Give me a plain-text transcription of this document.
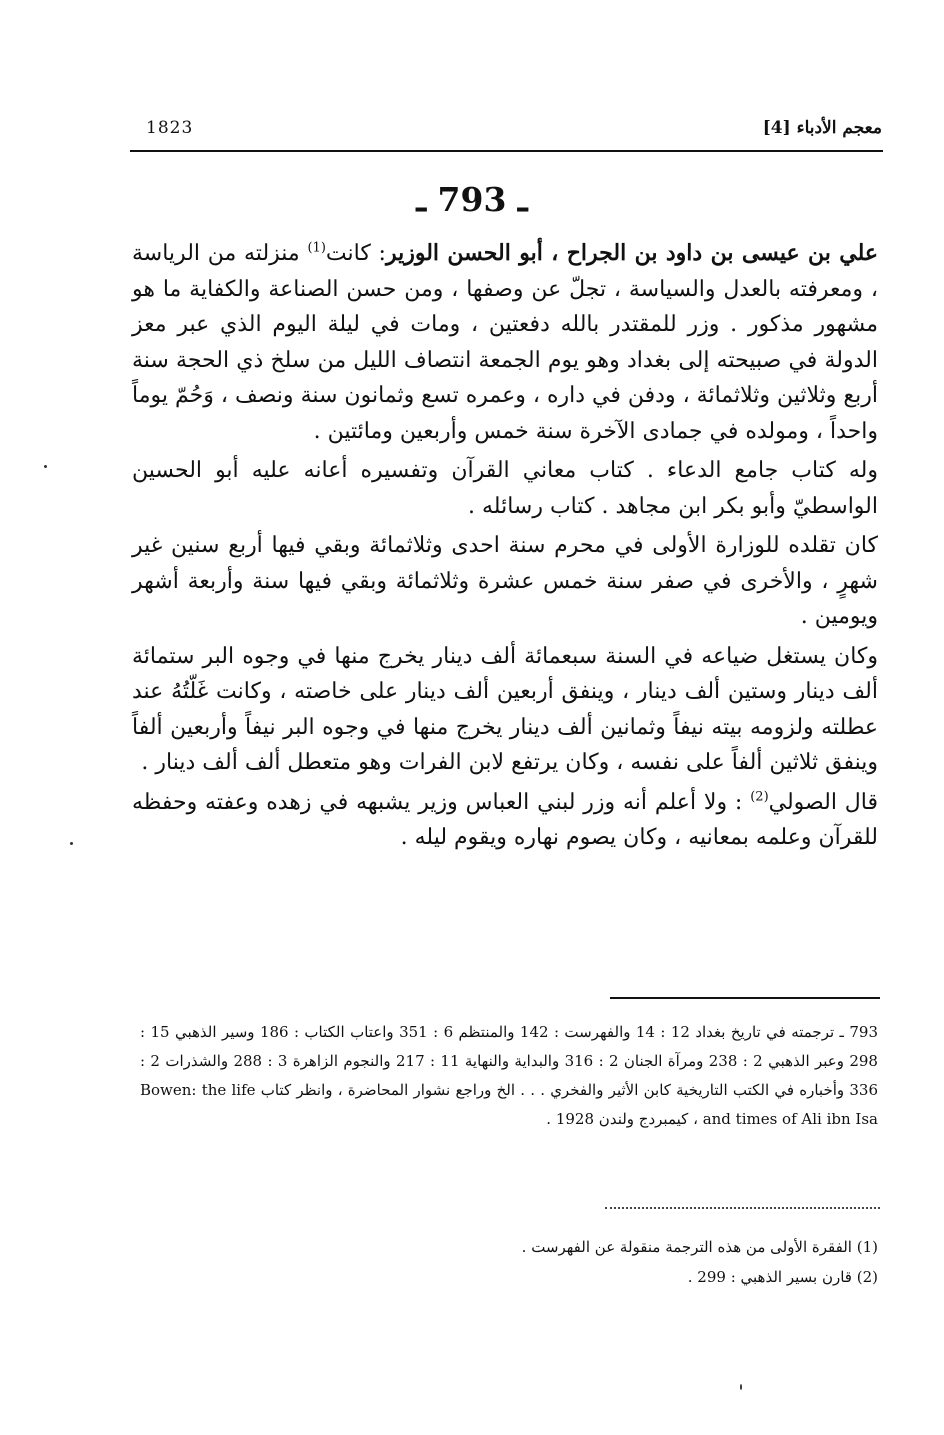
معجم الأدباء [4]
1823
ـ 793 ـ

علي بن عيسى بن داود بن الجراح ، أبو الحسن الوزير: كانت$^{(1)}$ منزلته من الرياسة ، ومعرفته بالعدل والسياسة ، تجلّ عن وصفها ، ومن حسن الصناعة والكفاية ما هو مشهور مذكور . وزر للمقتدر بالله دفعتين ، ومات في ليلة اليوم الذي عبر معز الدولة في صبيحته إلى بغداد وهو يوم الجمعة انتصاف الليل من سلخ ذي الحجة سنة أربع وثلاثين وثلاثمائة ، ودفن في داره ، وعمره تسع وثمانون سنة ونصف ، وَحُمّ يوماً واحداً ، ومولده في جمادى الآخرة سنة خمس وأربعين ومائتين .

وله كتاب جامع الدعاء . كتاب معاني القرآن وتفسيره أعانه عليه أبو الحسين الواسطيّ وأبو بكر ابن مجاهد . كتاب رسائله .

كان تقلده للوزارة الأولى في محرم سنة احدى وثلاثمائة وبقي فيها أربع سنين غير شهرٍ ، والأخرى في صفر سنة خمس عشرة وثلاثمائة وبقي فيها سنة وأربعة أشهر ويومين .

وكان يستغل ضياعه في السنة سبعمائة ألف دينار يخرج منها في وجوه البر ستمائة ألف دينار وستين ألف دينار ، وينفق أربعين ألف دينار على خاصته ، وكانت غَلّتُهُ عند عطلته ولزومه بيته نيفاً وثمانين ألف دينار يخرج منها في وجوه البر نيفاً وأربعين ألفاً وينفق ثلاثين ألفاً على نفسه ، وكان يرتفع لابن الفرات وهو متعطل ألف ألف دينار .

قال الصولي$^{(2)}$ : ولا أعلم أنه وزر لبني العباس وزير يشبهه في زهده وعفته وحفظه للقرآن وعلمه بمعانيه ، وكان يصوم نهاره ويقوم ليله .

793 ـ ترجمته في تاريخ بغداد 12 : 14 والفهرست : 142 والمنتظم 6 : 351 واعتاب الكتاب : 186 وسير الذهبي 15 : 298 وعبر الذهبي 2 : 238 ومرآة الجنان 2 : 316 والبداية والنهاية 11 : 217 والنجوم الزاهرة 3 : 288 والشذرات 2 : 336 وأخباره في الكتب التاريخية كابن الأثير والفخري . . . الخ وراجع نشوار المحاضرة ، وانظر كتاب Bowen: the life and times of Ali ibn Isa ، كيمبردج ولندن 1928 .
(1) الفقرة الأولى من هذه الترجمة منقولة عن الفهرست .
(2) قارن بسير الذهبي : 299 .
